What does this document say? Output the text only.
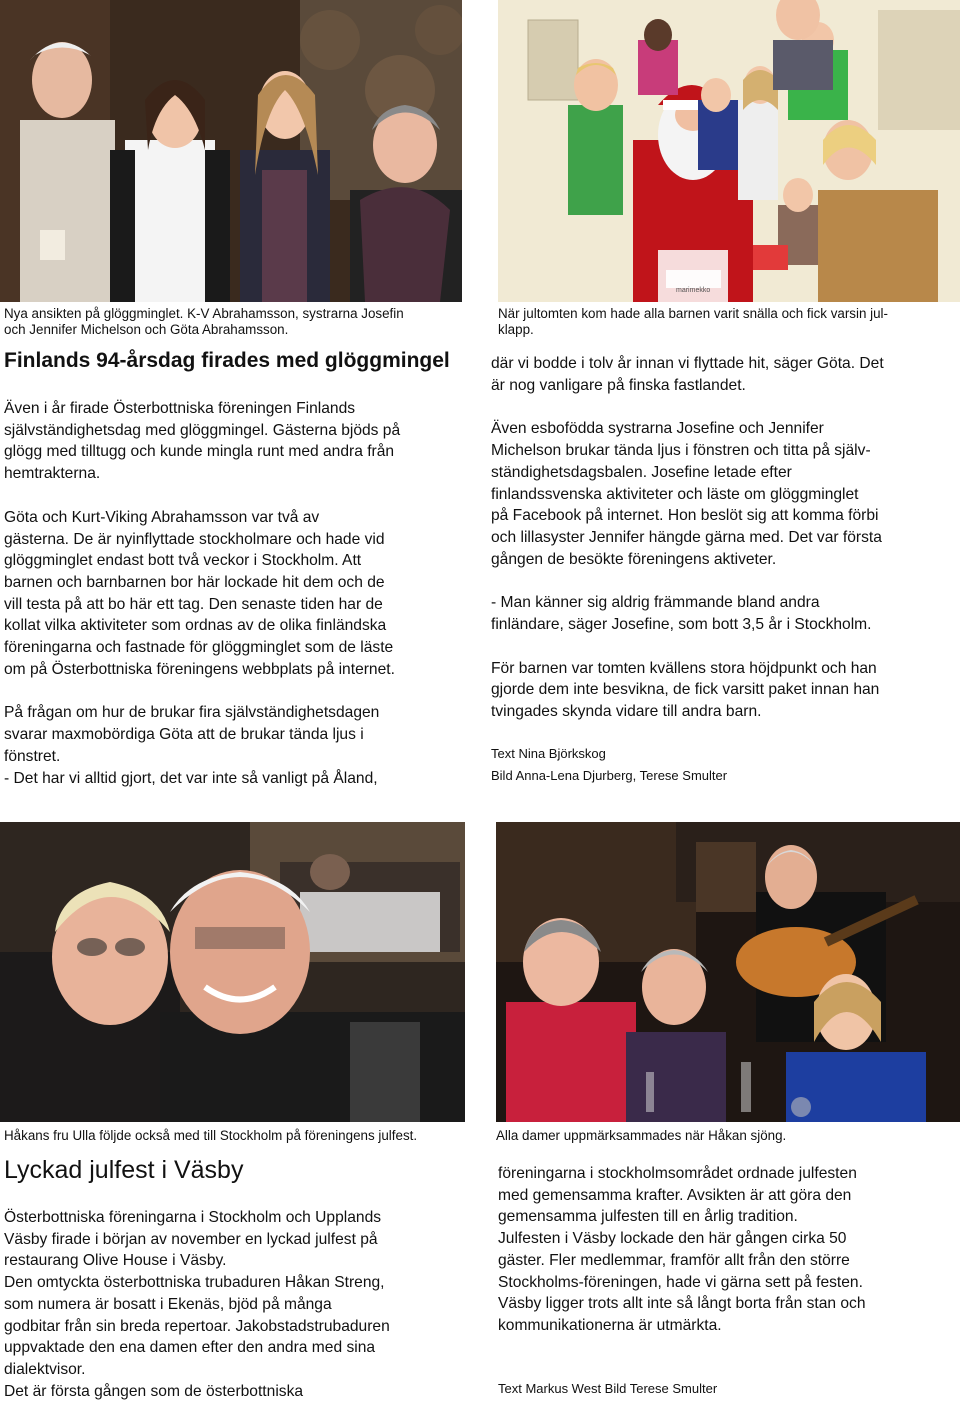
Nya ansikten på glöggminglet. K-V Abrahamsson, systrarna Josefin
och Jennifer Michelson och Göta Abrahamsson.
marimekko
När jultomten kom hade alla barnen varit snälla och fick varsin jul-
klapp.
Finlands 94-årsdag firades med glöggmingel

Även i år firade Österbottniska föreningen Finlands
självständighetsdag med glöggmingel. Gästerna bjöds på
glögg med tilltugg och kunde mingla runt med andra från
hemtrakterna.

Göta och Kurt-Viking Abrahamsson var två av
gästerna. De är nyinflyttade stockholmare och hade vid
glöggminglet endast bott två veckor i Stockholm. Att
barnen och barnbarnen bor här lockade hit dem och de
vill testa på att bo här ett tag. Den senaste tiden har de
kollat vilka aktiviteter som ordnas av de olika finländska
föreningarna och fastnade för glöggminglet som de läste
om på Österbottniska föreningens webbplats på internet.

På frågan om hur de brukar fira självständighetsdagen
svarar maxmobördiga Göta att de brukar tända ljus i
fönstret.
- Det har vi alltid gjort, det var inte så vanligt på Åland,

där vi bodde i tolv år innan vi flyttade hit, säger Göta. Det
är nog vanligare på finska fastlandet.

Även esbofödda systrarna Josefine och Jennifer
Michelson brukar tända ljus i fönstren och titta på själv-
ständighetsdagsbalen. Josefine letade efter
finlandssvenska aktiviteter och läste om glöggminglet
på Facebook på internet. Hon beslöt sig att komma förbi
och lillasyster Jennifer hängde gärna med. Det var första
gången de besökte föreningens aktiveter.

- Man känner sig aldrig främmande bland andra
finländare, säger Josefine, som bott 3,5 år i Stockholm.

För barnen var tomten kvällens stora höjdpunkt och han
gjorde dem inte besvikna, de fick varsitt paket innan han
tvingades skynda vidare till andra barn.

Text Nina Björkskog
Bild Anna-Lena Djurberg, Terese Smulter
Håkans fru Ulla följde också med till Stockholm på föreningens julfest.	Alla damer uppmärksammades när Håkan sjöng.
Lyckad julfest i Väsby
Österbottniska föreningarna i Stockholm och Upplands
Väsby firade i början av november en lyckad julfest på
restaurang Olive House i Väsby.
Den omtyckta österbottniska trubaduren Håkan Streng,
som numera är bosatt i Ekenäs, bjöd på många
godbitar från sin breda repertoar. Jakobstadstrubaduren
uppvaktade den ena damen efter den andra med sina
dialektvisor.
Det är första gången som de österbottniska
föreningarna i stockholmsområdet ordnade julfesten
med gemensamma krafter. Avsikten är att göra den
gemensamma julfesten till en årlig tradition.
Julfesten i Väsby lockade den här gången cirka 50
gäster. Fler medlemmar, framför allt från den större
Stockholms-föreningen, hade vi gärna sett på festen.
Väsby ligger trots allt inte så långt borta från stan och
kommunikationerna är utmärkta.
Text Markus West Bild Terese Smulter
